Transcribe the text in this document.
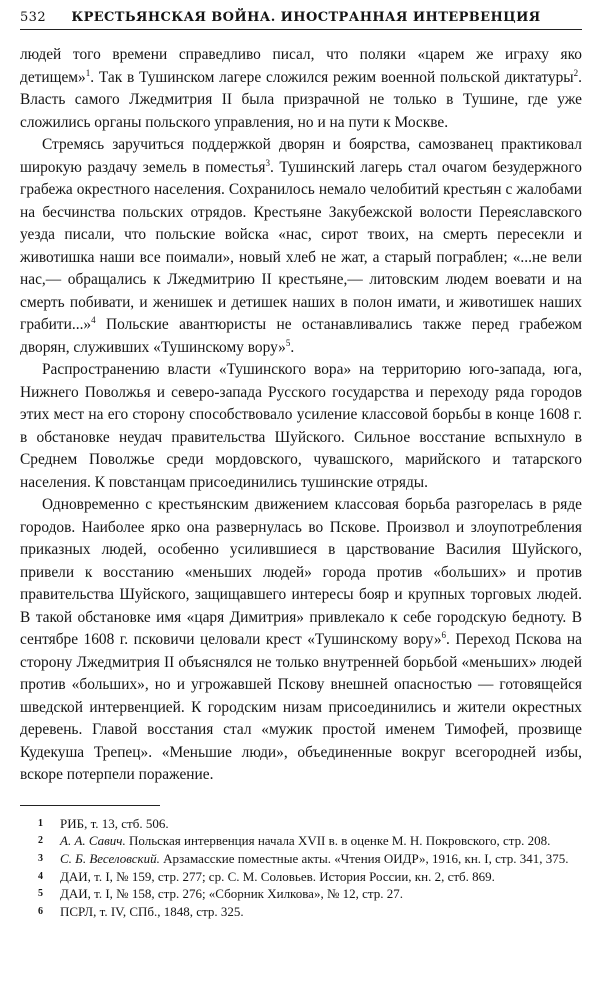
532	КРЕСТЬЯНСКАЯ ВОЙНА. ИНОСТРАННАЯ ИНТЕРВЕНЦИЯ

людей того времени справедливо писал, что поляки «царем же играху яко детищем»$^1$. Так в Тушинском лагере сложился режим военной польской диктатуры$^2$. Власть самого Лжедмитрия II была призрачной не только в Тушине, где уже сложились органы польского управления, но и на пути к Москве.

Стремясь заручиться поддержкой дворян и боярства, самозванец практиковал широкую раздачу земель в поместья$^3$. Тушинский лагерь стал очагом безудержного грабежа окрестного населения. Сохранилось немало челобитий крестьян с жалобами на бесчинства польских отрядов. Крестьяне Закубежской волости Переяславского уезда писали, что польские войска «нас, сирот твоих, на смерть пересекли и животишка наши все поимали», новый хлеб не жат, а старый пограблен; «...не вели нас,— обращались к Лжедмитрию II крестьяне,— литовским людем воевати и на смерть побивати, и женишек и детишек наших в полон имати, и животишек наших грабити...»$^4$ Польские авантюристы не останавливались также перед грабежом дворян, служивших «Тушинскому вору»$^5$.

Распространению власти «Тушинского вора» на территорию юго-запада, юга, Нижнего Поволжья и северо-запада Русского государства и переходу ряда городов этих мест на его сторону способствовало усиление классовой борьбы в конце 1608 г. в обстановке неудач правительства Шуйского. Сильное восстание вспыхнуло в Среднем Поволжье среди мордовского, чувашского, марийского и татарского населения. К повстанцам присоединились тушинские отряды.

Одновременно с крестьянским движением классовая борьба разгорелась в ряде городов. Наиболее ярко она развернулась во Пскове. Произвол и злоупотребления приказных людей, особенно усилившиеся в царствование Василия Шуйского, привели к восстанию «меньших людей» города против «больших» и против правительства Шуйского, защищавшего интересы бояр и крупных торговых людей. В такой обстановке имя «царя Димитрия» привлекало к себе городскую бедноту. В сентябре 1608 г. псковичи целовали крест «Тушинскому вору»$^6$. Переход Пскова на сторону Лжедмитрия II объяснялся не только внутренней борьбой «меньших» людей против «больших», но и угрожавшей Пскову внешней опасностью — готовящейся шведской интервенцией. К городским низам присоединились и жители окрестных деревень. Главой восстания стал «мужик простой именем Тимофей, прозвище Кудекуша Трепец». «Меньшие люди», объединенные вокруг всегородней избы, вскоре потерпели поражение.

1 РИБ, т. 13, стб. 506.
2 А. А. Савич. Польская интервенция начала XVII в. в оценке М. Н. Покровского, стр. 208.
3 С. Б. Веселовский. Арзамасские поместные акты. «Чтения ОИДР», 1916, кн. I, стр. 341, 375.
4 ДАИ, т. I, № 159, стр. 277; ср. С. М. Соловьев. История России, кн. 2, стб. 869.
5 ДАИ, т. I, № 158, стр. 276; «Сборник Хилкова», № 12, стр. 27.
6 ПСРЛ, т. IV, СПб., 1848, стр. 325.
